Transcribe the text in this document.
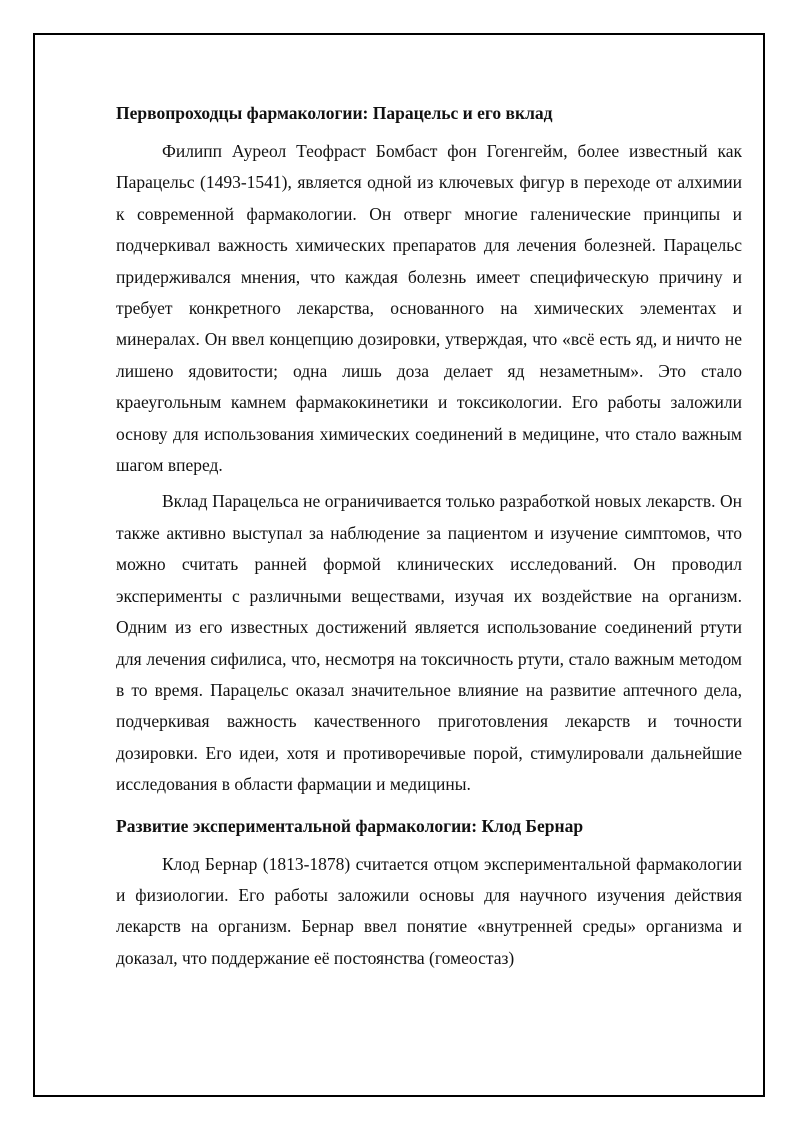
Первопроходцы фармакологии: Парацельс и его вклад

Филипп Ауреол Теофраст Бомбаст фон Гогенгейм, более известный как Парацельс (1493-1541), является одной из ключевых фигур в переходе от алхимии к современной фармакологии. Он отверг многие галенические принципы и подчеркивал важность химических препаратов для лечения болезней. Парацельс придерживался мнения, что каждая болезнь имеет специфическую причину и требует конкретного лекарства, основанного на химических элементах и минералах. Он ввел концепцию дозировки, утверждая, что «всё есть яд, и ничто не лишено ядовитости; одна лишь доза делает яд незаметным». Это стало краеугольным камнем фармакокинетики и токсикологии. Его работы заложили основу для использования химических соединений в медицине, что стало важным шагом вперед.

Вклад Парацельса не ограничивается только разработкой новых лекарств. Он также активно выступал за наблюдение за пациентом и изучение симптомов, что можно считать ранней формой клинических исследований. Он проводил эксперименты с различными веществами, изучая их воздействие на организм. Одним из его известных достижений является использование соединений ртути для лечения сифилиса, что, несмотря на токсичность ртути, стало важным методом в то время. Парацельс оказал значительное влияние на развитие аптечного дела, подчеркивая важность качественного приготовления лекарств и точности дозировки. Его идеи, хотя и противоречивые порой, стимулировали дальнейшие исследования в области фармации и медицины.

Развитие экспериментальной фармакологии: Клод Бернар

Клод Бернар (1813-1878) считается отцом экспериментальной фармакологии и физиологии. Его работы заложили основы для научного изучения действия лекарств на организм. Бернар ввел понятие «внутренней среды» организма и доказал, что поддержание её постоянства (гомеостаз)
